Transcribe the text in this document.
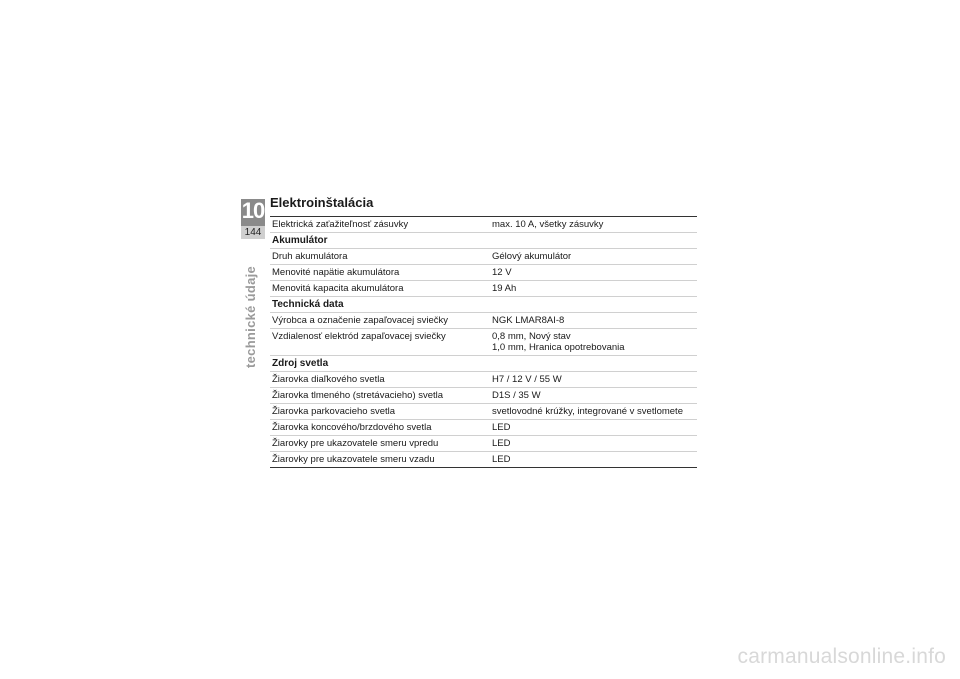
10
144
technické údaje
Elektroinštalácia
Elektrická zaťažiteľnosť zásuvky	max. 10 A, všetky zásuvky
Akumulátor	
Druh akumulátora	Gélový akumulátor
Menovité napätie akumulátora	12 V
Menovitá kapacita akumulátora	19 Ah
Technická data	
Výrobca a označenie zapaľovacej sviečky	NGK LMAR8AI-8
Vzdialenosť elektród zapaľovacej sviečky	0,8 mm, Nový stav
1,0 mm, Hranica opotrebovania

Zdroj svetla	
Žiarovka diaľkového svetla	H7 / 12 V / 55 W
Žiarovka tlmeného (stretávacieho) svetla	D1S / 35 W
Žiarovka parkovacieho svetla	svetlovodné krúžky, integrované v svetlomete
Žiarovka koncového/brzdového svetla	LED
Žiarovky pre ukazovatele smeru vpredu	LED
Žiarovky pre ukazovatele smeru vzadu	LED
carmanualsonline.info
